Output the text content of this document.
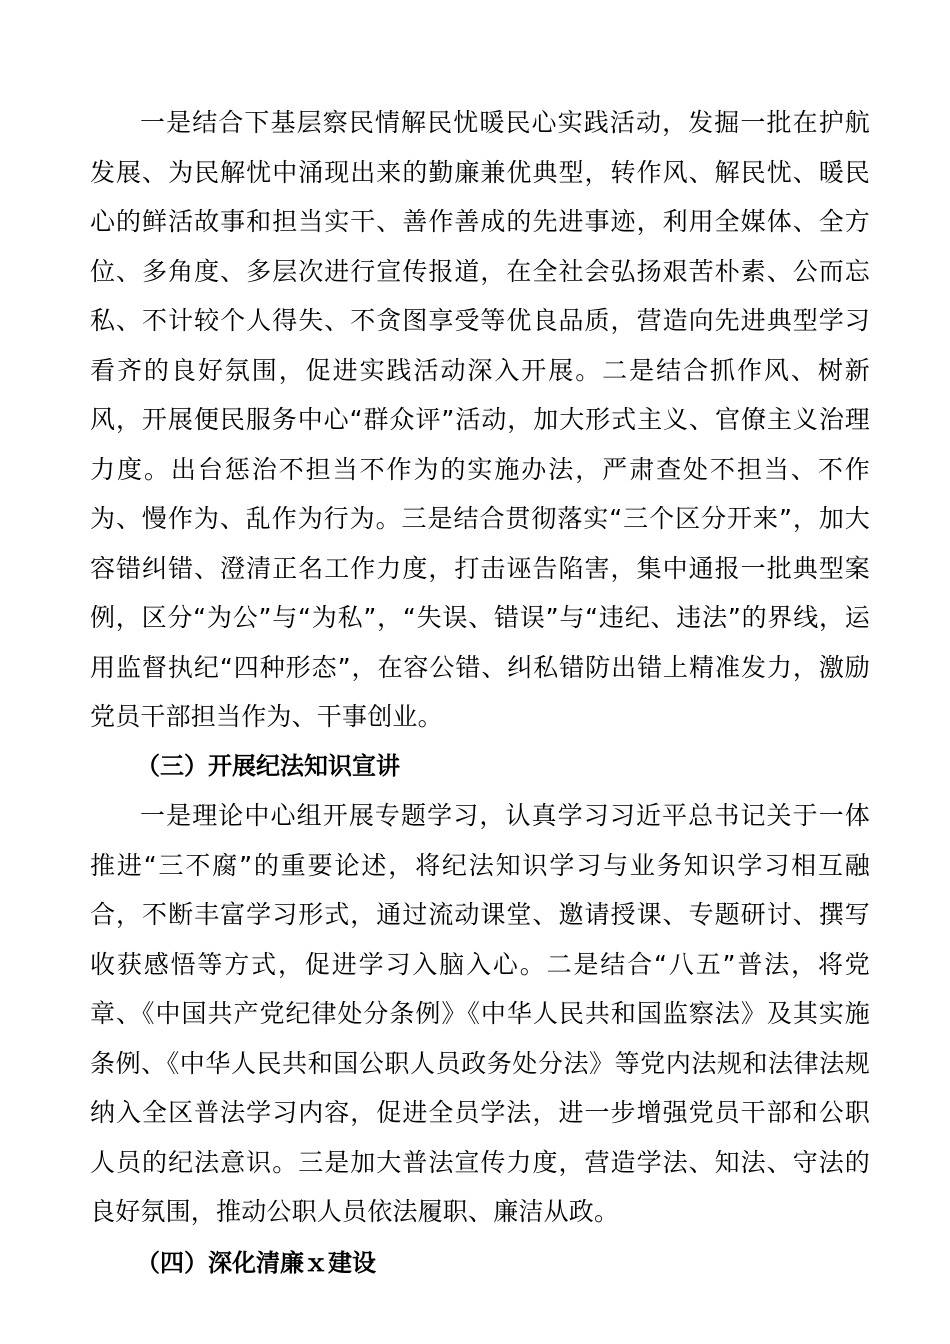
一是结合下基层察民情解民忧暖民心实践活动，发掘一批在护航发展、为民解忧中涌现出来的勤廉兼优典型，转作风、解民忧、暖民心的鲜活故事和担当实干、善作善成的先进事迹，利用全媒体、全方位、多角度、多层次进行宣传报道，在全社会弘扬艰苦朴素、公而忘私、不计较个人得失、不贪图享受等优良品质，营造向先进典型学习看齐的良好氛围，促进实践活动深入开展。二是结合抓作风、树新风，开展便民服务中心“群众评”活动，加大形式主义、官僚主义治理力度。出台惩治不担当不作为的实施办法，严肃查处不担当、不作为、慢作为、乱作为行为。三是结合贯彻落实“三个区分开来”，加大容错纠错、澄清正名工作力度，打击诬告陷害，集中通报一批典型案例，区分“为公”与“为私”，“失误、错误”与“违纪、违法”的界线，运用监督执纪“四种形态”，在容公错、纠私错防出错上精准发力，激励党员干部担当作为、干事创业。

（三）开展纪法知识宣讲

一是理论中心组开展专题学习，认真学习习近平总书记关于一体推进“三不腐”的重要论述，将纪法知识学习与业务知识学习相互融合，不断丰富学习形式，通过流动课堂、邀请授课、专题研讨、撰写收获感悟等方式，促进学习入脑入心。二是结合“八五”普法，将党章、《中国共产党纪律处分条例》《中华人民共和国监察法》及其实施条例、《中华人民共和国公职人员政务处分法》等党内法规和法律法规纳入全区普法学习内容，促进全员学法，进一步增强党员干部和公职人员的纪法意识。三是加大普法宣传力度，营造学法、知法、守法的良好氛围，推动公职人员依法履职、廉洁从政。

（四）深化清廉ｘ建设
